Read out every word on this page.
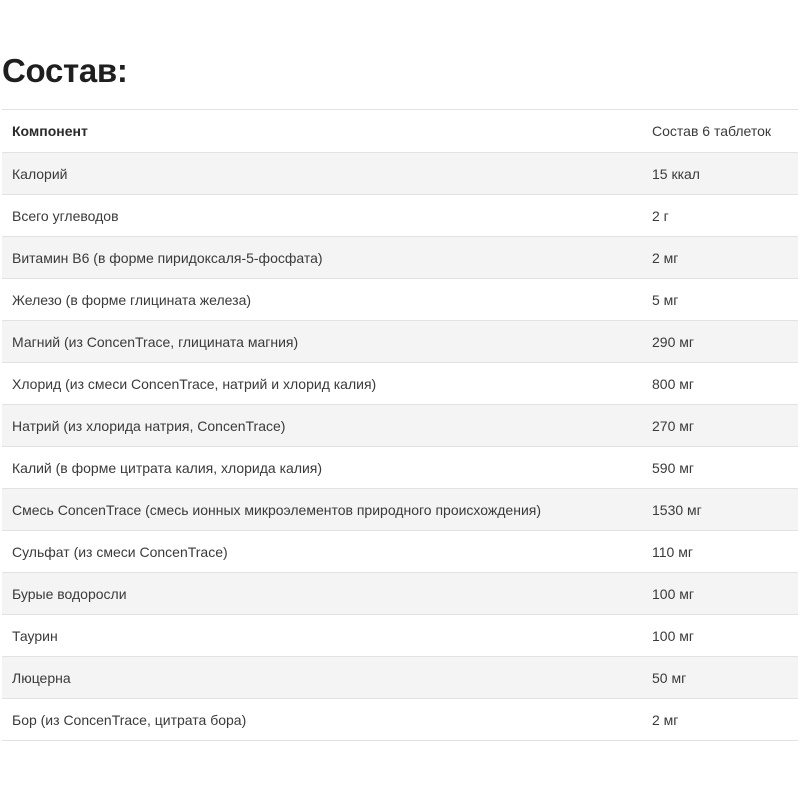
Состав:
Компонент	Состав 6 таблеток
Калорий	15 ккал
Всего углеводов	2 г
Витамин B6 (в форме пиридоксаля-5-фосфата)	2 мг
Железо (в форме глицината железа)	5 мг
Магний (из ConcenTrace, глицината магния)	290 мг
Хлорид (из смеси ConcenTrace, натрий и хлорид калия)	800 мг
Натрий (из хлорида натрия, ConcenTrace)	270 мг
Калий (в форме цитрата калия, хлорида калия)	590 мг
Смесь ConcenTrace (смесь ионных микроэлементов природного происхождения)	1530 мг
Сульфат (из смеси ConcenTrace)	110 мг
Бурые водоросли	100 мг
Таурин	100 мг
Люцерна	50 мг
Бор (из ConcenTrace, цитрата бора)	2 мг
